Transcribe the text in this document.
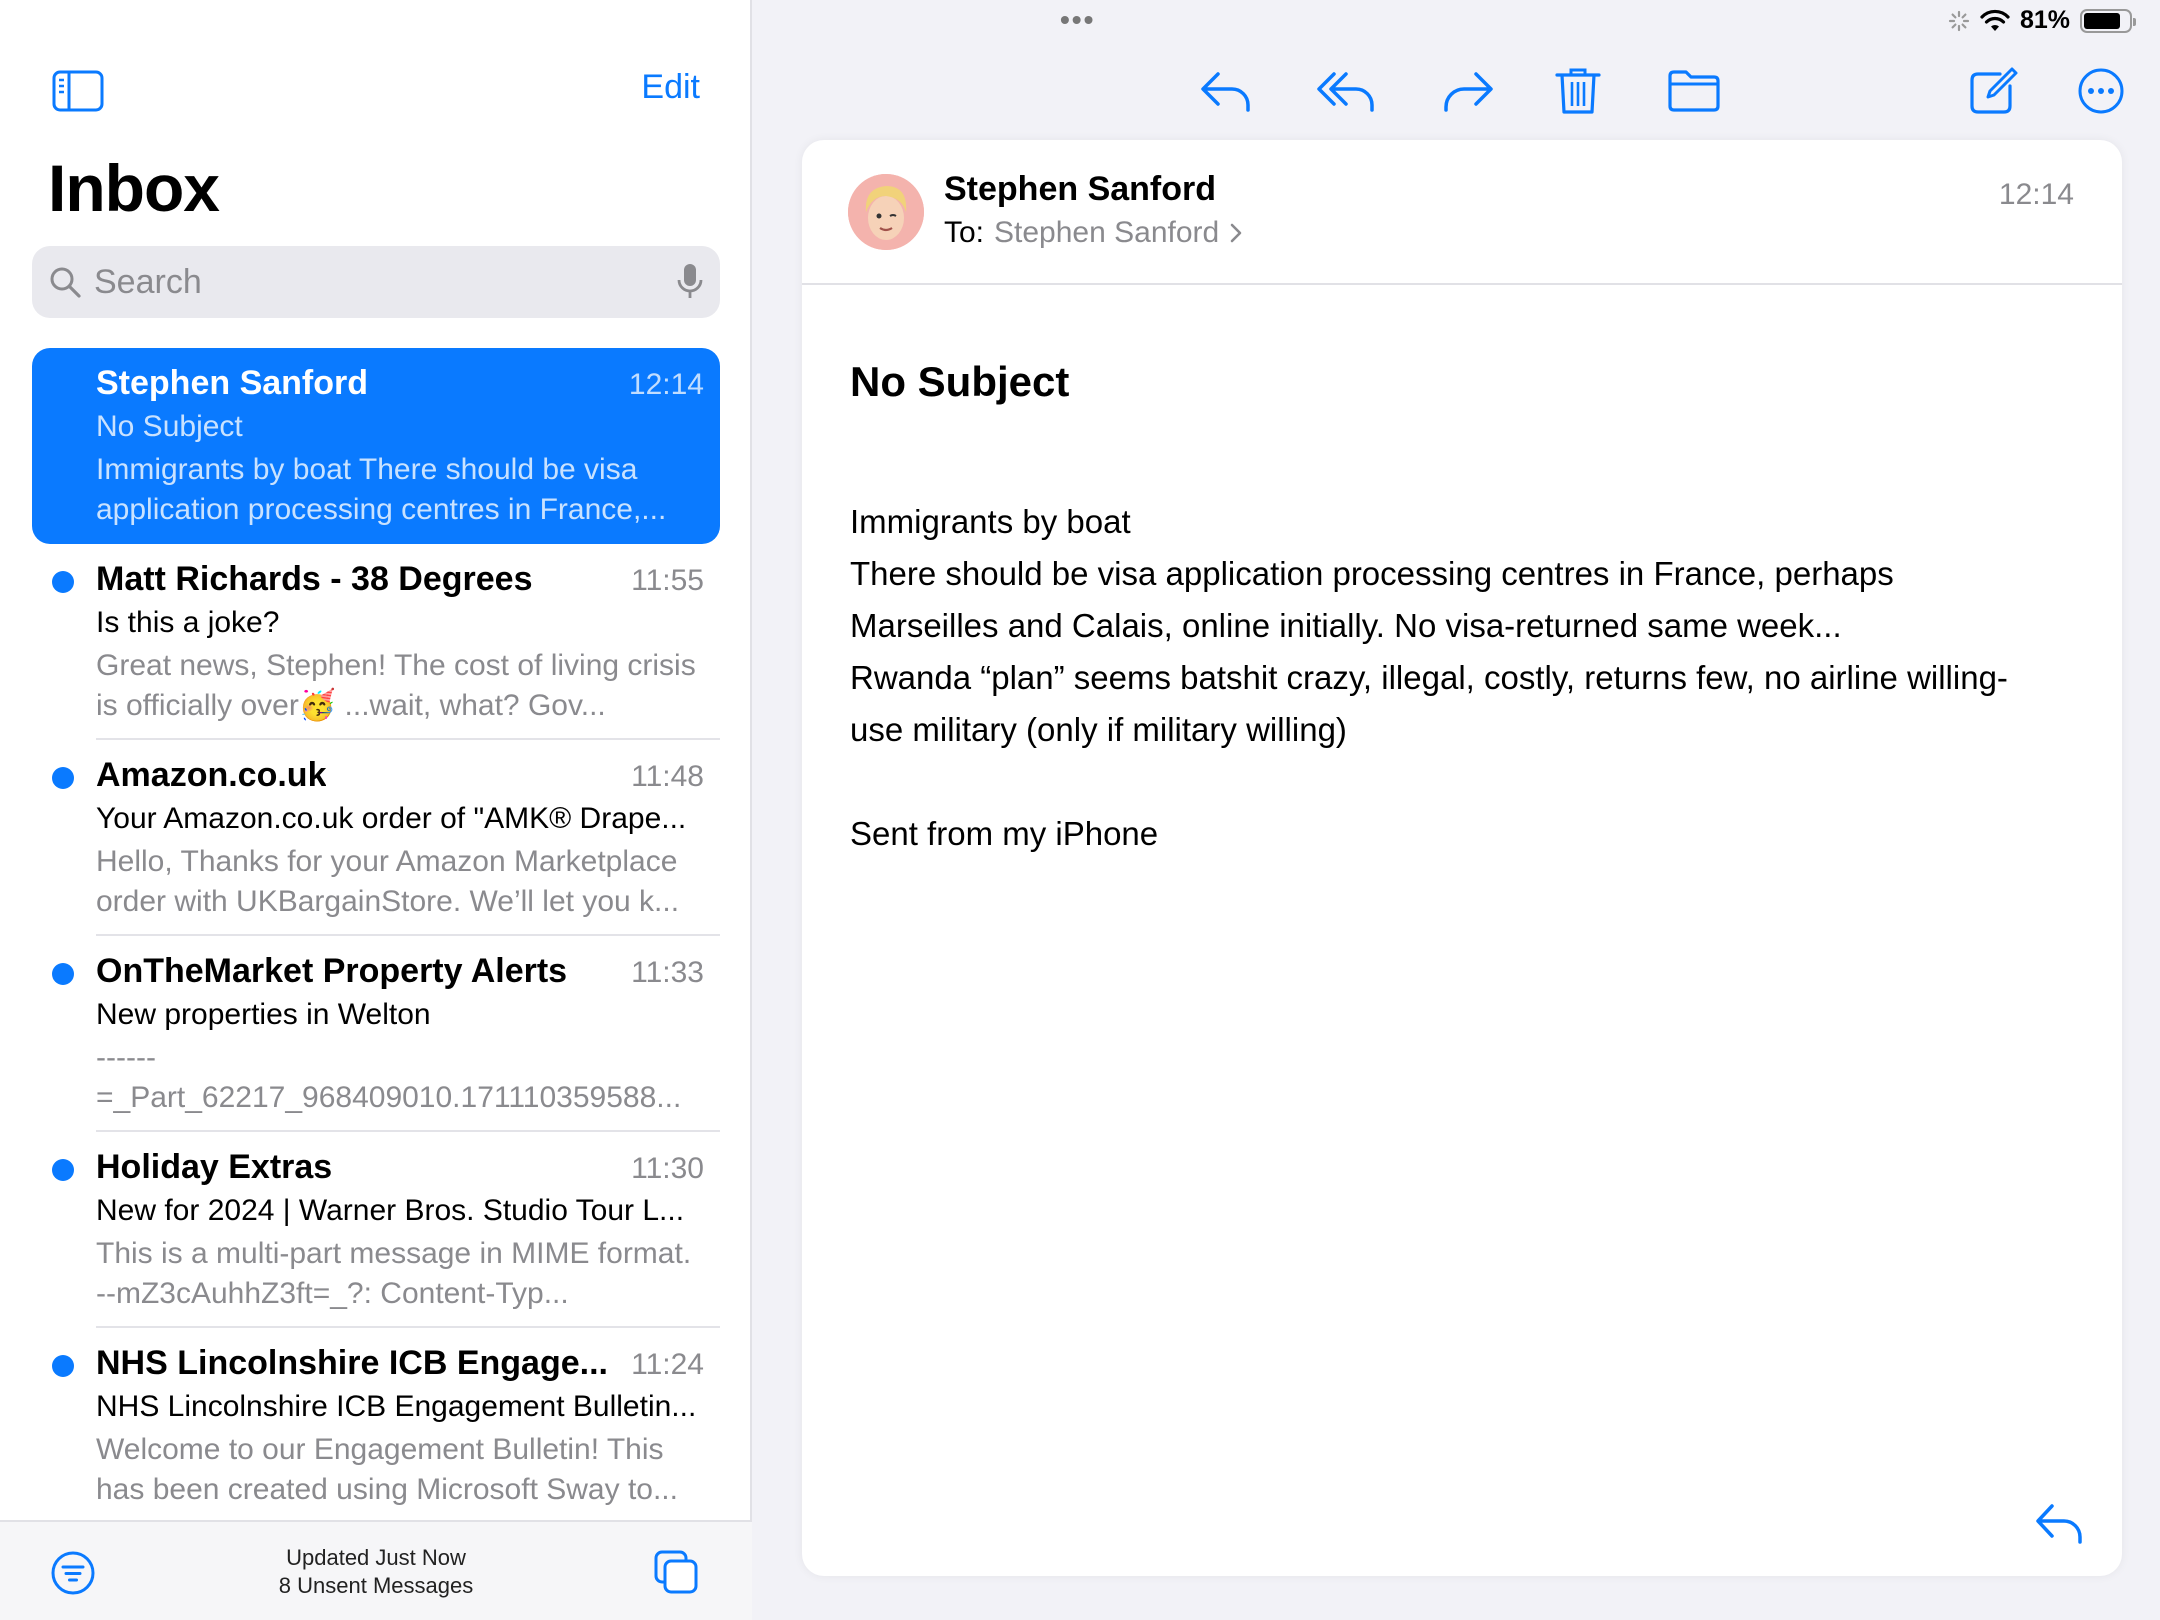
•••	81%
Edit
Inbox
Search
Stephen Sanford	12:14
No Subject
Immigrants by boat There should be visa application processing centres in France,...
Matt Richards - 38 Degrees	11:55
Is this a joke?
Great news, Stephen! The cost of living crisis is officially over🥳 ...wait, what? Gov...
Amazon.co.uk	11:48
Your Amazon.co.uk order of "AMK® Drape...
Hello, Thanks for your Amazon Marketplace order with UKBargainStore. We’ll let you k...
OnTheMarket Property Alerts 11:33
New properties in Welton
------ =_Part_62217_968409010.171110359588...
Holiday Extras	11:30
New for 2024 | Warner Bros. Studio Tour L...
This is a multi-part message in MIME format. --mZ3cAuhhZ3ft=_?: Content-Typ...
NHS Lincolnshire ICB Engage... 11:24
NHS Lincolnshire ICB Engagement Bulletin...
Welcome to our Engagement Bulletin! This has been created using Microsoft Sway to...
Updated Just Now
8 Unsent Messages
Stephen Sanford
To: Stephen Sanford
12:14
No Subject
Immigrants by boat
There should be visa application processing centres in France, perhaps
Marseilles and Calais, online initially. No visa-returned same week...
Rwanda “plan” seems batshit crazy, illegal, costly, returns few, no airline willing-
use military (only if military willing)
Sent from my iPhone
